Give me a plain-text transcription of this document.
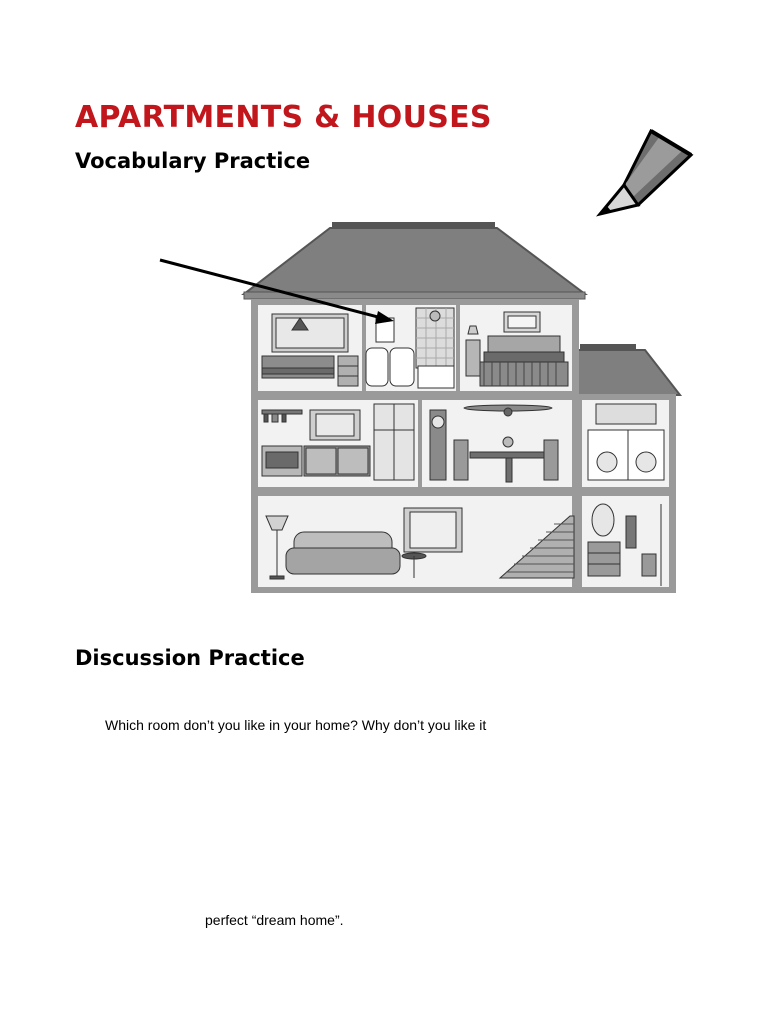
APARTMENTS & HOUSES
Vocabulary Practice
Discussion Practice

Which room don’t you like in your home? Why don’t you like it

perfect “dream home”.
